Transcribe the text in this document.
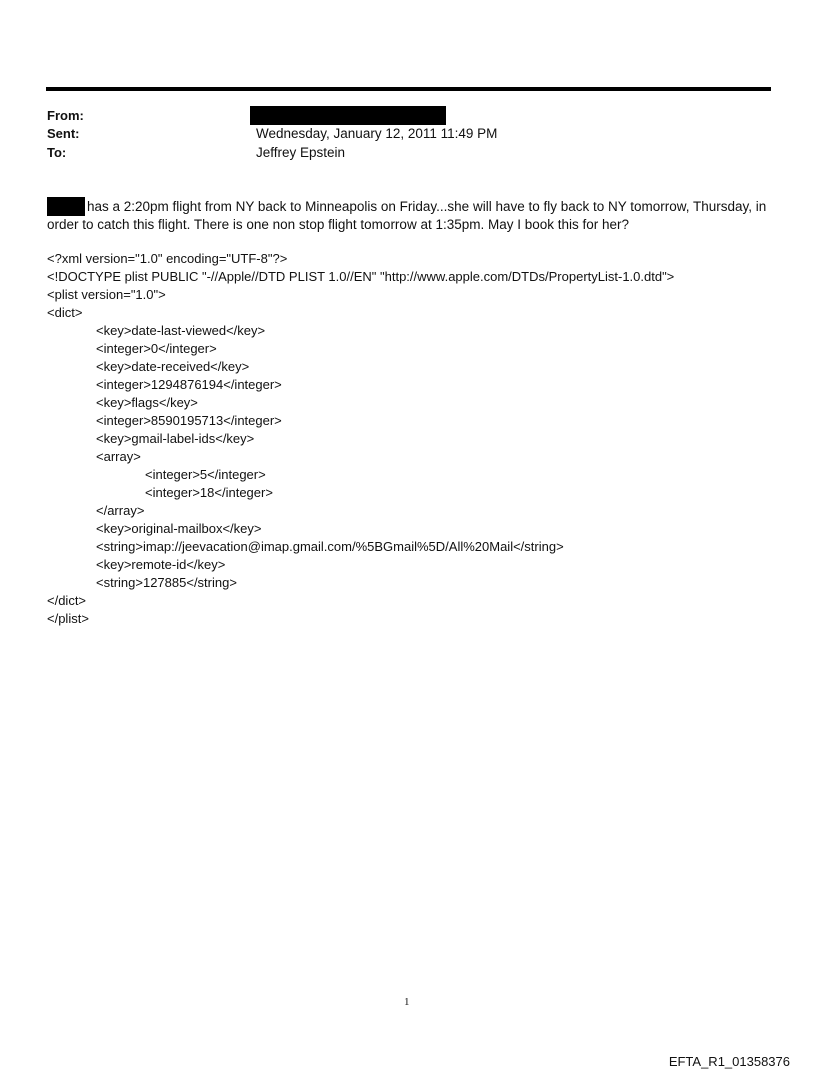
From:
Sent:	Wednesday, January 12, 2011 11:49 PM
To:	Jeffrey Epstein
has a 2:20pm flight from NY back to Minneapolis on Friday...she will have to fly back to NY tomorrow, Thursday, in
order to catch this flight. There is one non stop flight tomorrow at 1:35pm. May I book this for her?
<?xml version="1.0" encoding="UTF-8"?>
<!DOCTYPE plist PUBLIC "-//Apple//DTD PLIST 1.0//EN" "http://www.apple.com/DTDs/PropertyList-1.0.dtd">
<plist version="1.0">
<dict>
<key>date-last-viewed</key>
<integer>0</integer>
<key>date-received</key>
<integer>1294876194</integer>
<key>flags</key>
<integer>8590195713</integer>
<key>gmail-label-ids</key>
<array>
<integer>5</integer>
<integer>18</integer>
</array>
<key>original-mailbox</key>
<string>imap://jeevacation@imap.gmail.com/%5BGmail%5D/All%20Mail</string>
<key>remote-id</key>
<string>127885</string>
</dict>
</plist>
1
EFTA_R1_01358376
